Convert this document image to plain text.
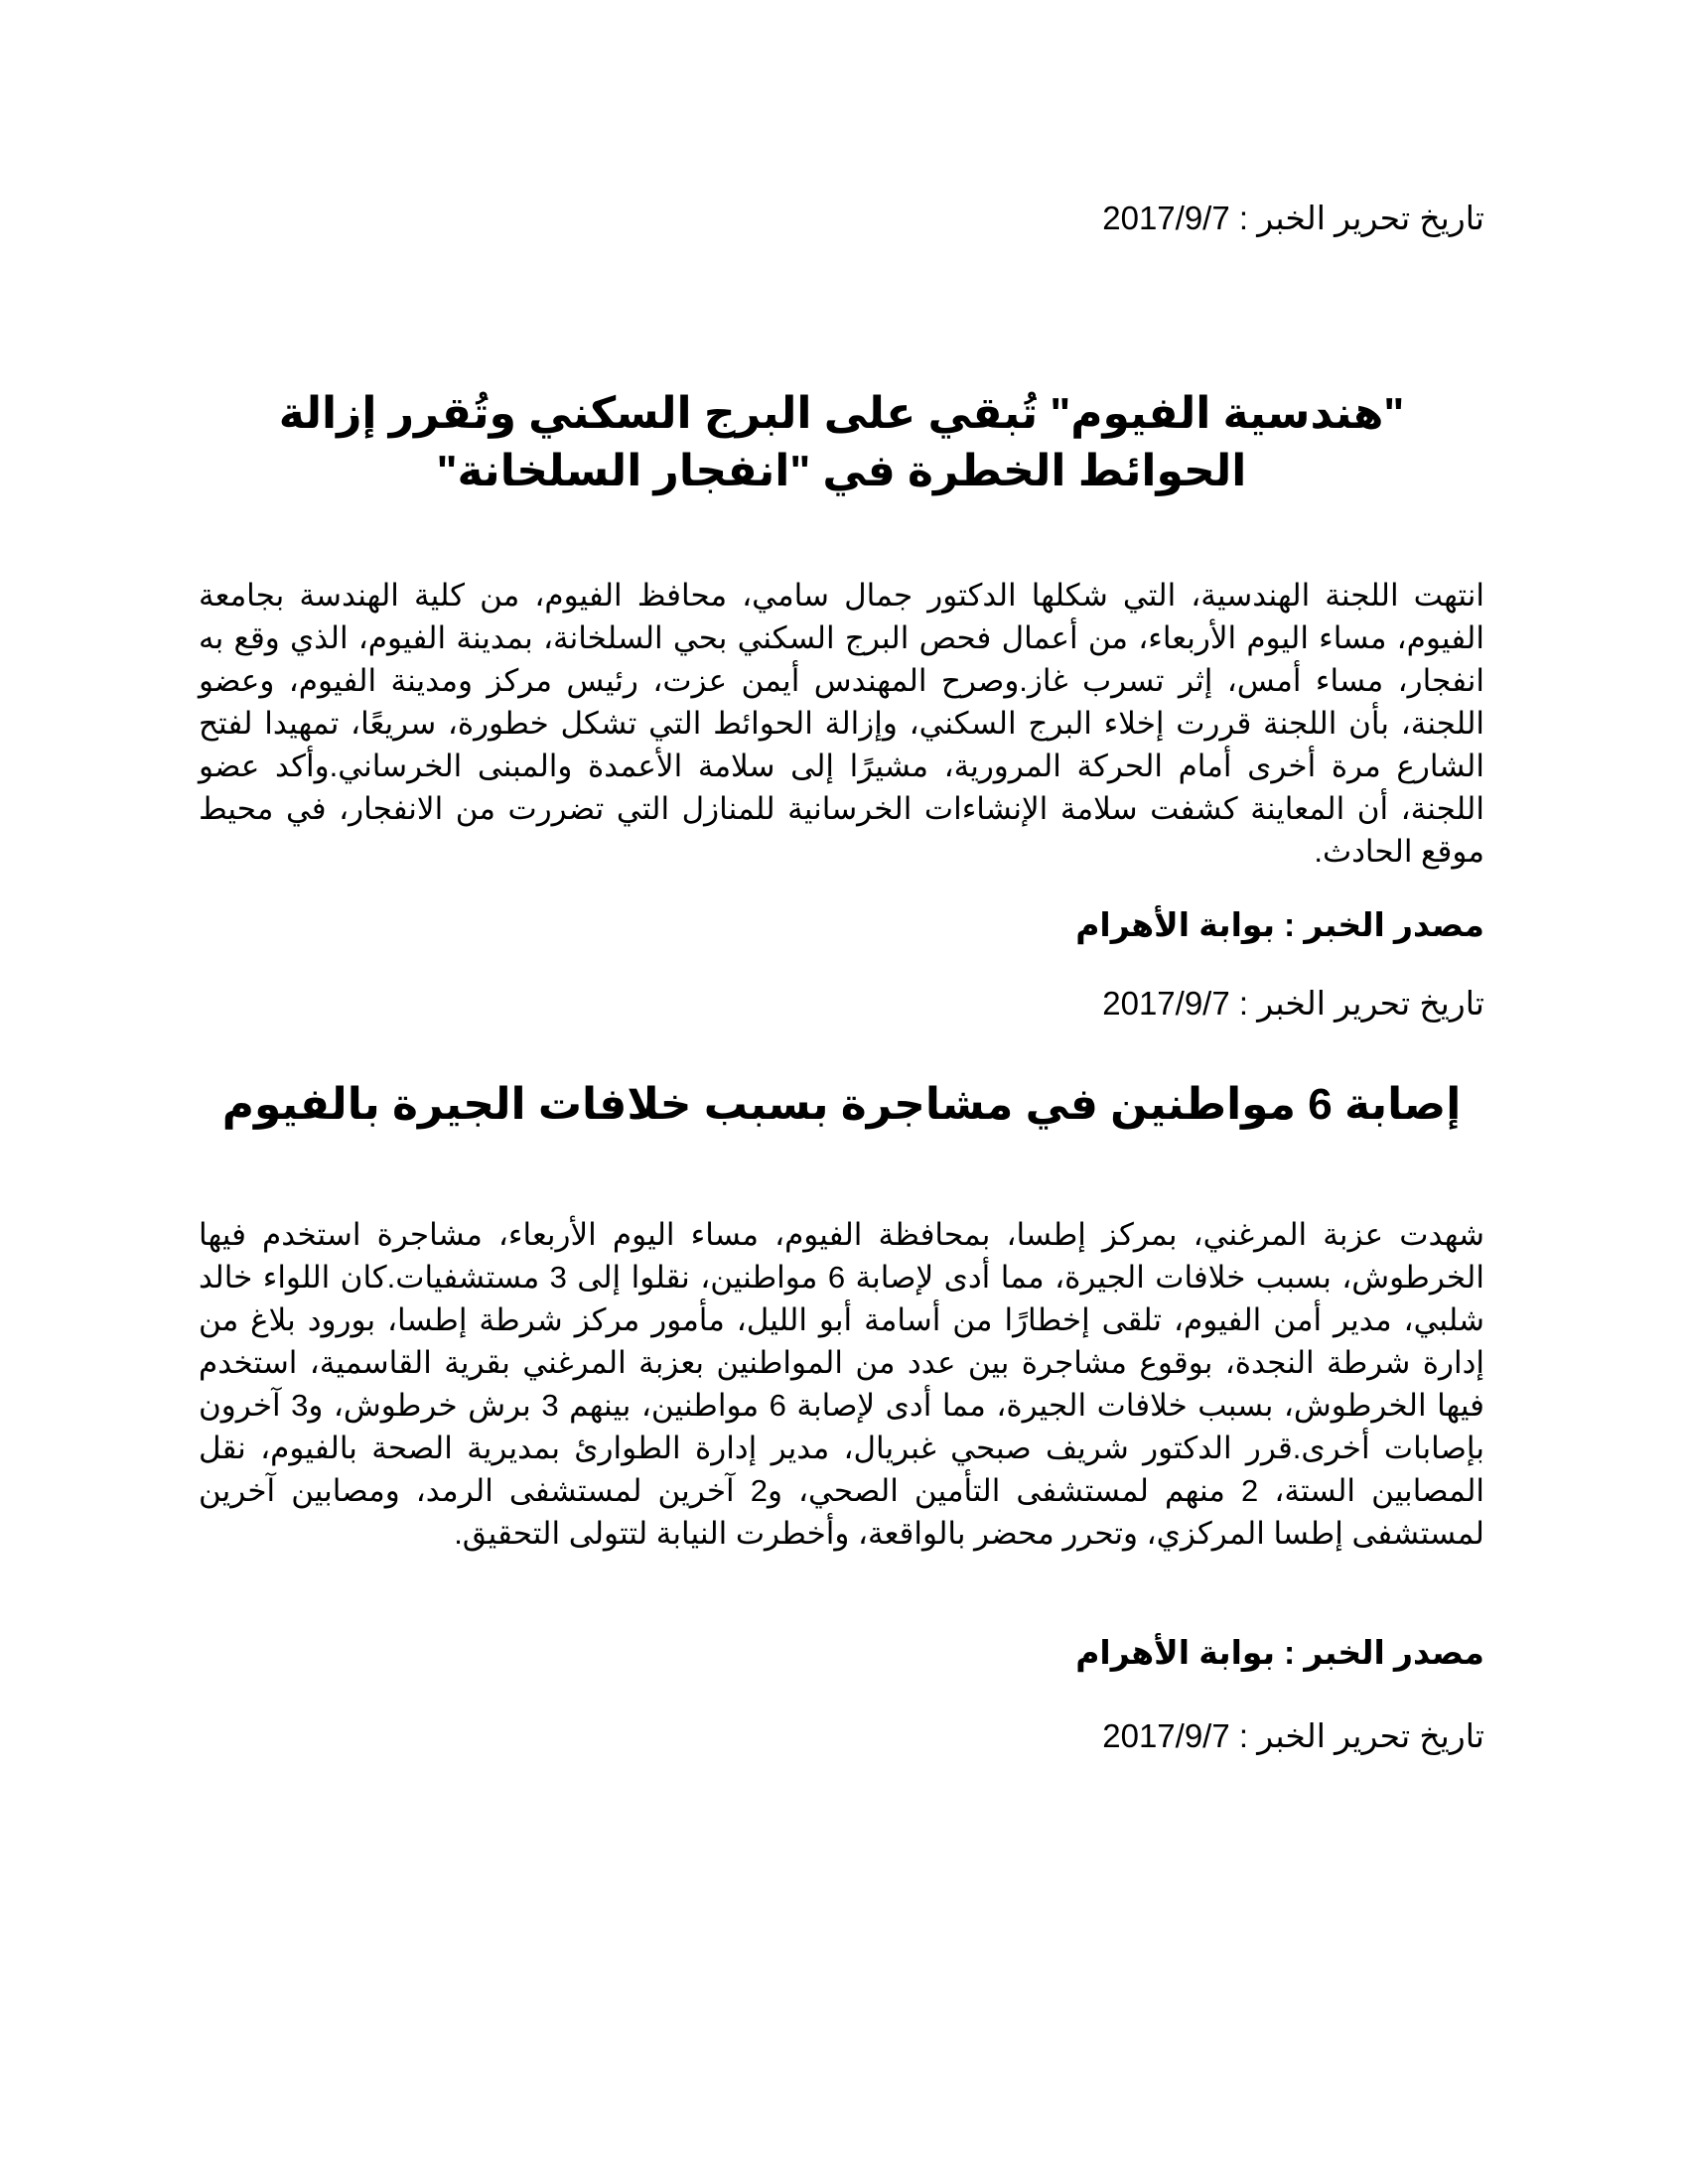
تاريخ تحرير الخبر : 2017/9/7
"هندسية الفيوم" تُبقي على البرج السكني وتُقرر إزالة الحوائط الخطرة في "انفجار السلخانة"
انتهت اللجنة الهندسية، التي شكلها الدكتور جمال سامي، محافظ الفيوم، من كلية الهندسة بجامعة الفيوم، مساء اليوم الأربعاء، من أعمال فحص البرج السكني بحي السلخانة، بمدينة الفيوم، الذي وقع به انفجار، مساء أمس، إثر تسرب غاز.وصرح المهندس أيمن عزت، رئيس مركز ومدينة الفيوم، وعضو اللجنة، بأن اللجنة قررت إخلاء البرج السكني، وإزالة الحوائط التي تشكل خطورة، سريعًا، تمهيدا لفتح الشارع مرة أخرى أمام الحركة المرورية، مشيرًا إلى سلامة الأعمدة والمبنى الخرساني.وأكد عضو اللجنة، أن المعاينة كشفت سلامة الإنشاءات الخرسانية للمنازل التي تضررت من الانفجار، في محيط موقع الحادث.
مصدر الخبر : بوابة الأهرام
تاريخ تحرير الخبر : 2017/9/7
إصابة 6 مواطنين في مشاجرة بسبب خلافات الجيرة بالفيوم
شهدت عزبة المرغني، بمركز إطسا، بمحافظة الفيوم، مساء اليوم الأربعاء، مشاجرة استخدم فيها الخرطوش، بسبب خلافات الجيرة، مما أدى لإصابة 6 مواطنين، نقلوا إلى 3 مستشفيات.كان اللواء خالد شلبي، مدير أمن الفيوم، تلقى إخطارًا من أسامة أبو الليل، مأمور مركز شرطة إطسا، بورود بلاغ من إدارة شرطة النجدة، بوقوع مشاجرة بين عدد من المواطنين بعزبة المرغني بقرية القاسمية، استخدم فيها الخرطوش، بسبب خلافات الجيرة، مما أدى لإصابة 6 مواطنين، بينهم 3 برش خرطوش، و3 آخرون بإصابات أخرى.قرر الدكتور شريف صبحي غبريال، مدير إدارة الطوارئ بمديرية الصحة بالفيوم، نقل المصابين الستة، 2 منهم لمستشفى التأمين الصحي، و2 آخرين لمستشفى الرمد، ومصابين آخرين لمستشفى إطسا المركزي، وتحرر محضر بالواقعة، وأخطرت النيابة لتتولى التحقيق.
مصدر الخبر : بوابة الأهرام
تاريخ تحرير الخبر : 2017/9/7
